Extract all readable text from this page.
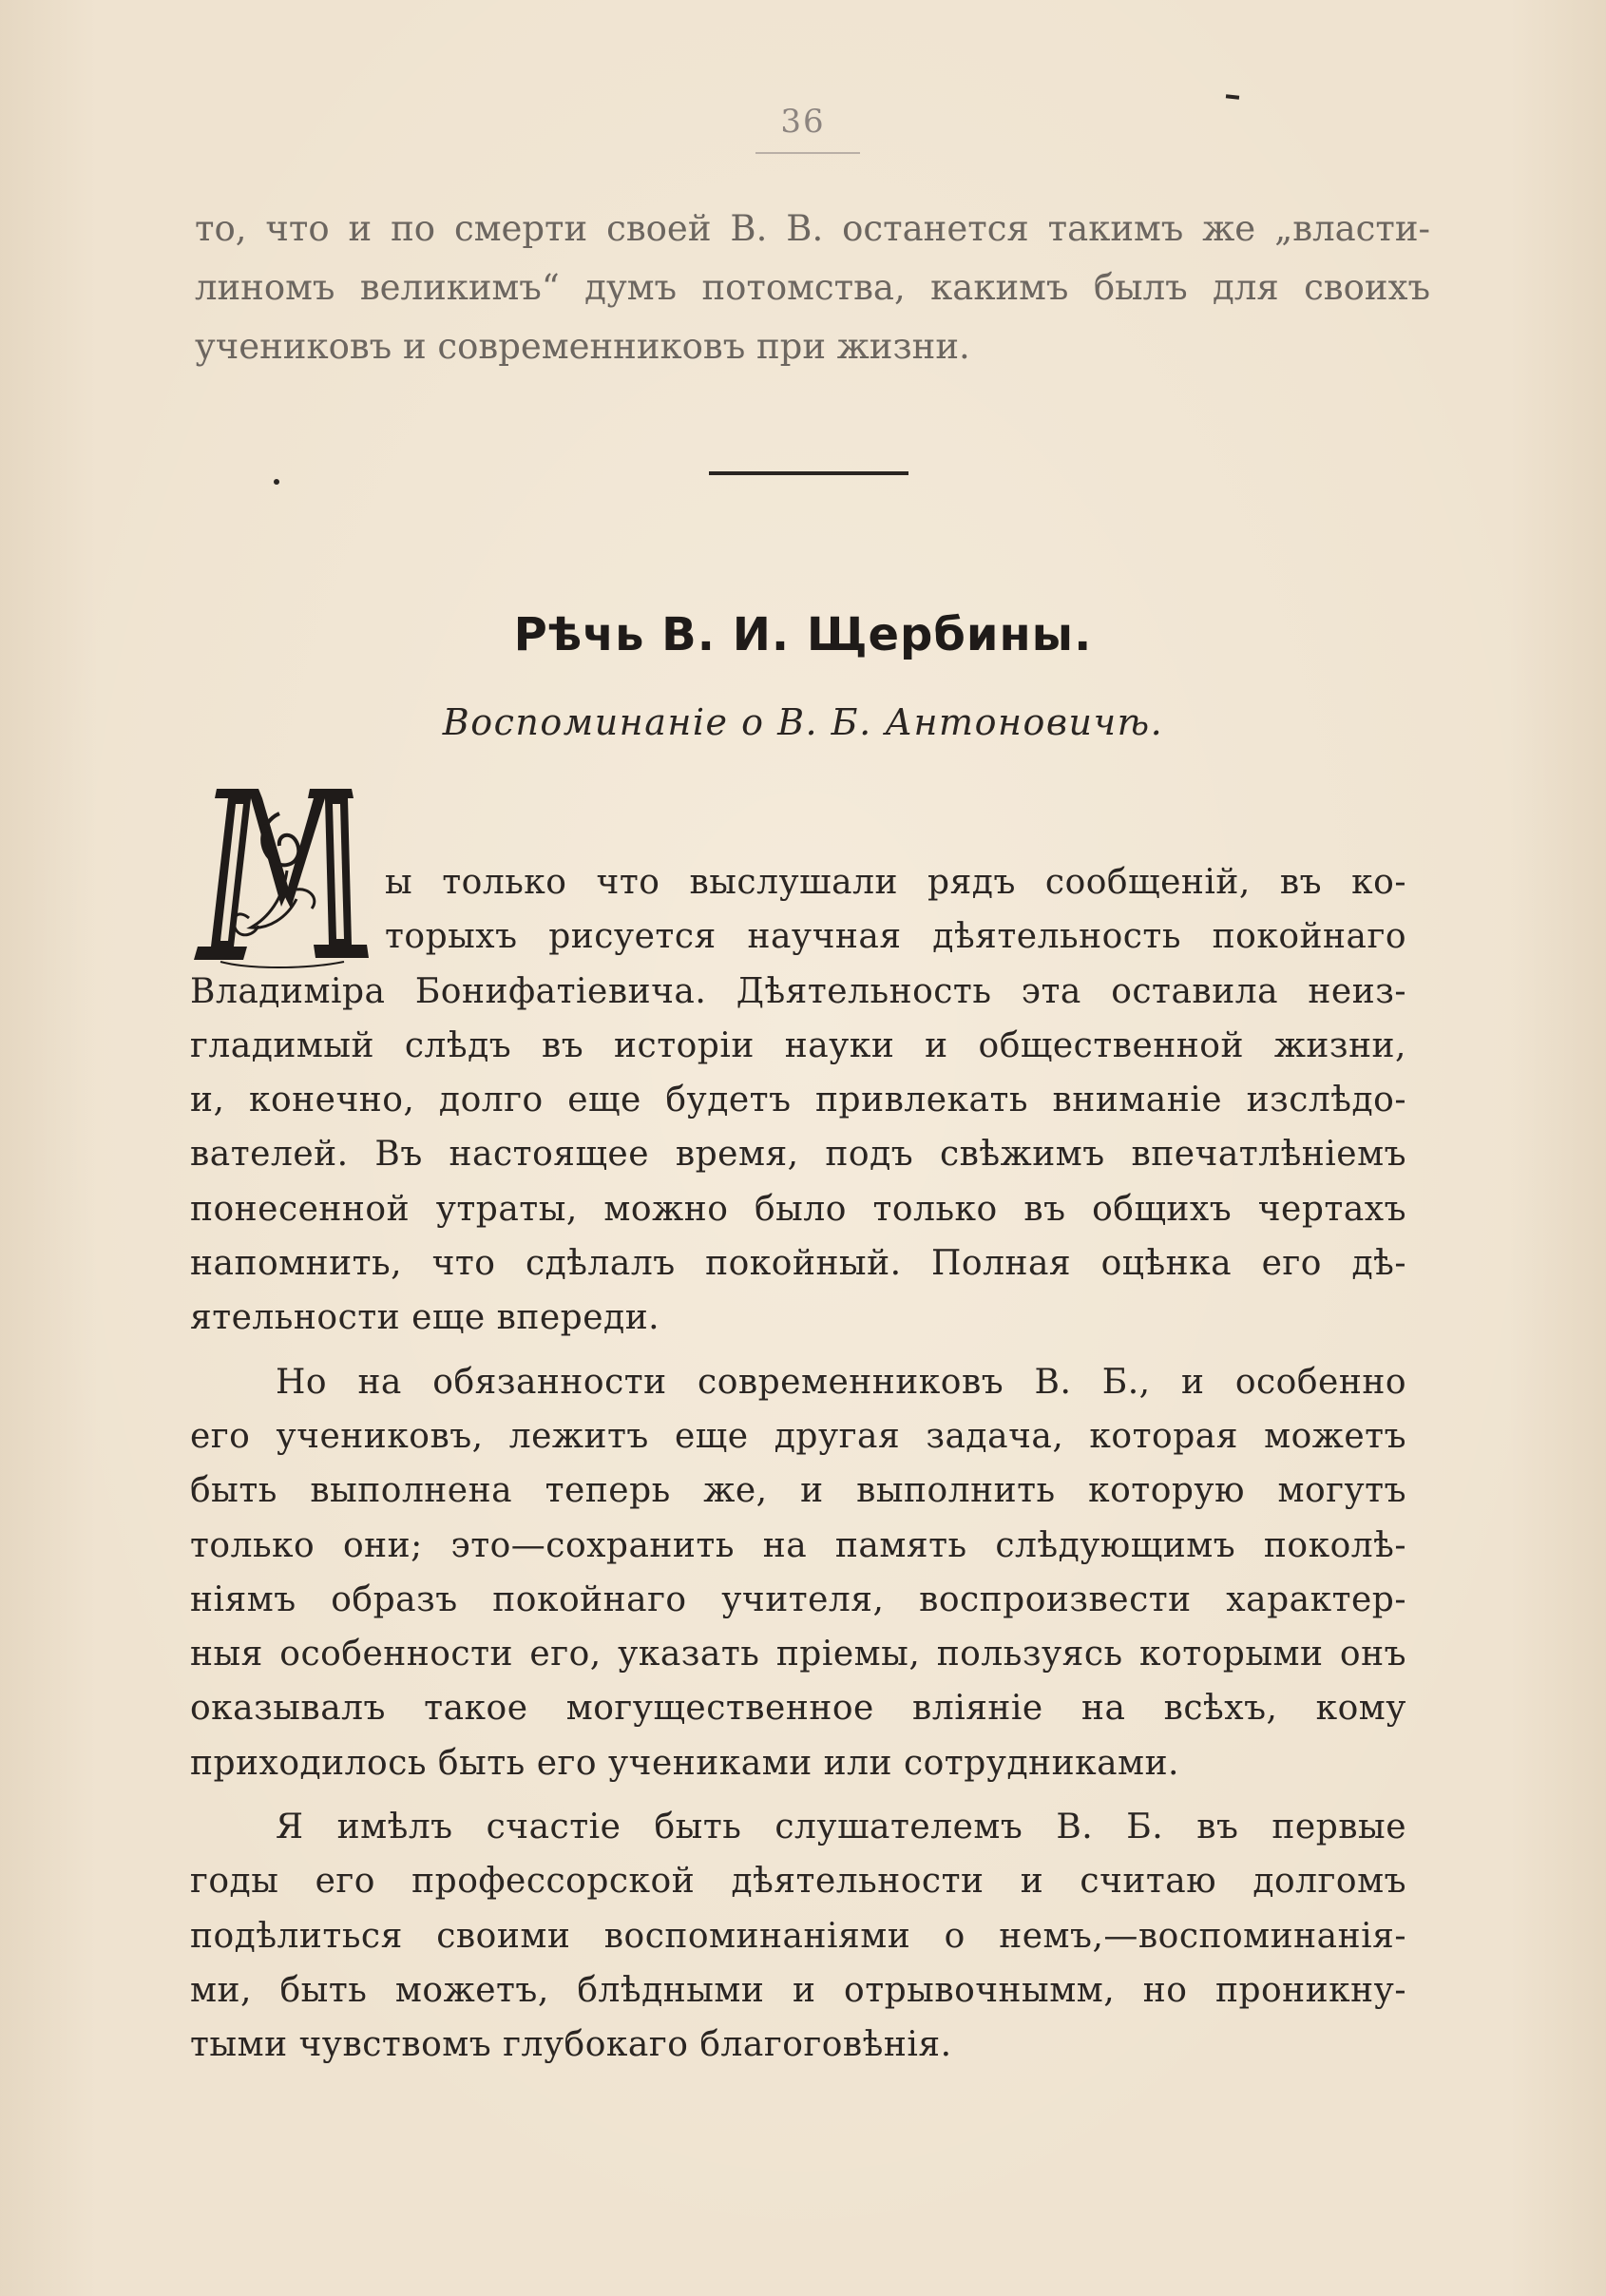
36
то, что и по смерти своей В. В. останется такимъ же „власти-
линомъ великимъ“ думъ потомства, какимъ былъ для своихъ
учениковъ и современниковъ при жизни.
Рѣчь В. И. Щербины.
Воспоминанiе о В. Б. Антоновичѣ.
ы только что выслушали рядъ сообщенiй, въ ко-
торыхъ рисуется научная дѣятельность покойнаго
Владимiра Бонифатiевича. Дѣятельность эта оставила неиз-
гладимый слѣдъ въ исторiи науки и общественной жизни,
и, конечно, долго еще будетъ привлекать вниманiе изслѣдо-
вателей. Въ настоящее время, подъ свѣжимъ впечатлѣнiемъ
понесенной утраты, можно было только въ общихъ чертахъ
напомнить, что сдѣлалъ покойный. Полная оцѣнка его дѣ-
ятельности еще впереди.
Но на обязанности современниковъ В. Б., и особенно
его учениковъ, лежитъ еще другая задача, которая можетъ
быть выполнена теперь же, и выполнить которую могутъ
только они; это—сохранить на память слѣдующимъ поколѣ-
нiямъ образъ покойнаго учителя, воспроизвести характер-
ныя особенности его, указать прiемы, пользуясь которыми онъ
оказывалъ такое могущественное влiянiе на всѣхъ, кому
приходилось быть его учениками или сотрудниками.
Я имѣлъ счастiе быть слушателемъ В. Б. въ первые
годы его профессорской дѣятельности и считаю долгомъ
подѣлиться своими воспоминанiями о немъ,—воспоминанiя-
ми, быть можетъ, блѣдными и отрывочнымм, но проникну-
тыми чувствомъ глубокаго благоговѣнiя.
